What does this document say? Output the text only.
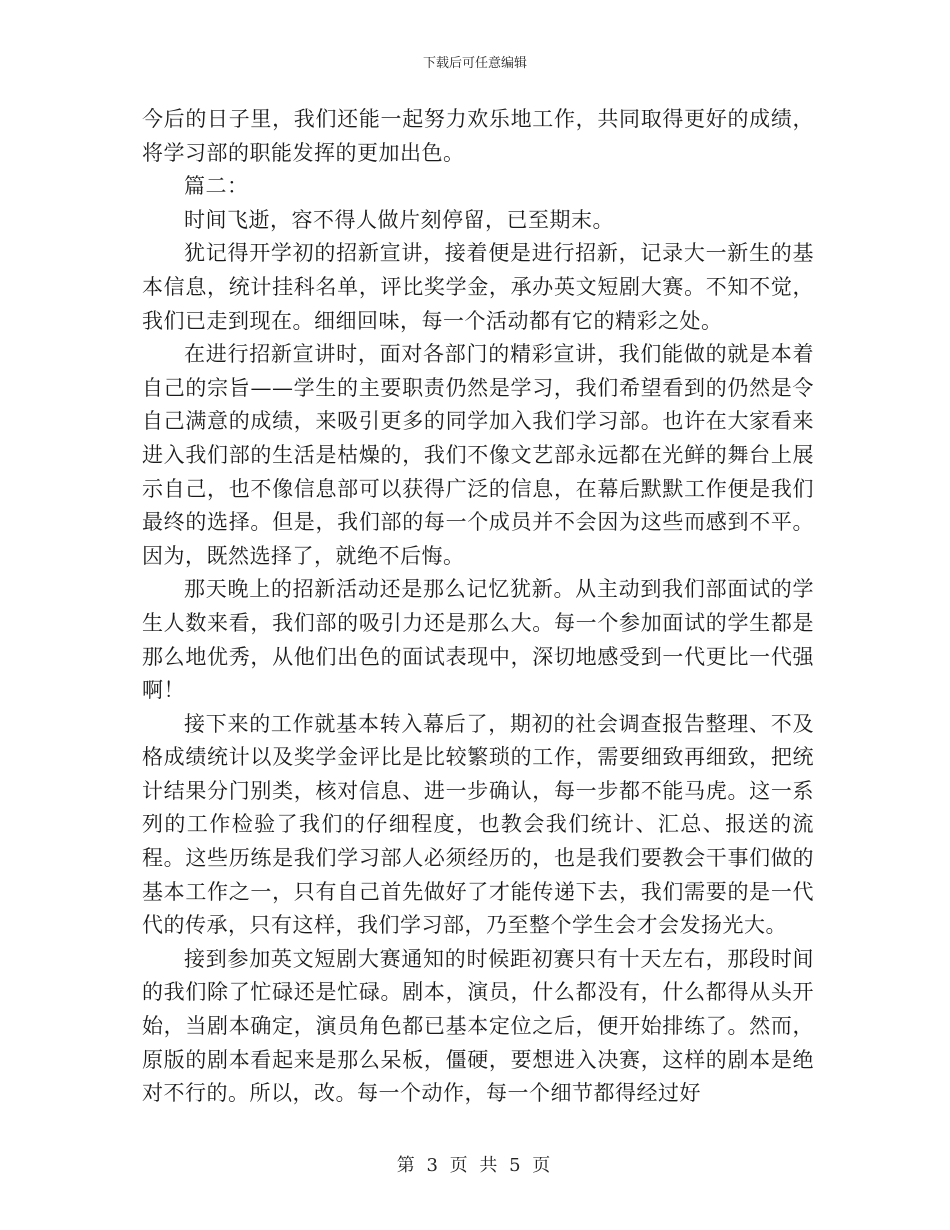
下载后可任意编辑

今后的日子里，我们还能一起努力欢乐地工作，共同取得更好的成绩，将学习部的职能发挥的更加出色。

篇二：

时间飞逝，容不得人做片刻停留，已至期末。

犹记得开学初的招新宣讲，接着便是进行招新，记录大一新生的基本信息，统计挂科名单，评比奖学金，承办英文短剧大赛。不知不觉，我们已走到现在。细细回味，每一个活动都有它的精彩之处。

在进行招新宣讲时，面对各部门的精彩宣讲，我们能做的就是本着自己的宗旨——学生的主要职责仍然是学习，我们希望看到的仍然是令自己满意的成绩，来吸引更多的同学加入我们学习部。也许在大家看来进入我们部的生活是枯燥的，我们不像文艺部永远都在光鲜的舞台上展示自己，也不像信息部可以获得广泛的信息，在幕后默默工作便是我们最终的选择。但是，我们部的每一个成员并不会因为这些而感到不平。因为，既然选择了，就绝不后悔。

那天晚上的招新活动还是那么记忆犹新。从主动到我们部面试的学生人数来看，我们部的吸引力还是那么大。每一个参加面试的学生都是那么地优秀，从他们出色的面试表现中，深切地感受到一代更比一代强啊！

接下来的工作就基本转入幕后了，期初的社会调查报告整理、不及格成绩统计以及奖学金评比是比较繁琐的工作，需要细致再细致，把统计结果分门别类，核对信息、进一步确认，每一步都不能马虎。这一系列的工作检验了我们的仔细程度，也教会我们统计、汇总、报送的流程。这些历练是我们学习部人必须经历的，也是我们要教会干事们做的基本工作之一，只有自己首先做好了才能传递下去，我们需要的是一代代的传承，只有这样，我们学习部，乃至整个学生会才会发扬光大。

接到参加英文短剧大赛通知的时候距初赛只有十天左右，那段时间的我们除了忙碌还是忙碌。剧本，演员，什么都没有，什么都得从头开始，当剧本确定，演员角色都已基本定位之后，便开始排练了。然而，原版的剧本看起来是那么呆板，僵硬，要想进入决赛，这样的剧本是绝对不行的。所以，改。每一个动作，每一个细节都得经过好

第 3 页 共 5 页
